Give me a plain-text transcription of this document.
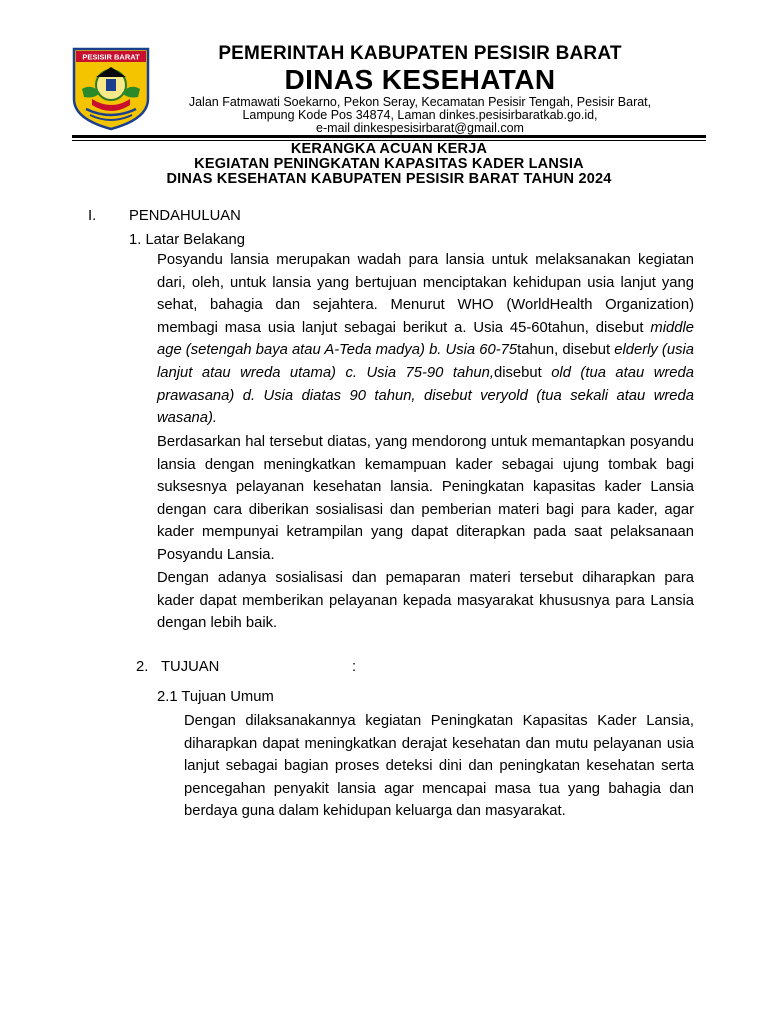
PESISIR BARAT	PEMERINTAH KABUPATEN PESISIR BARAT
DINAS KESEHATAN
Jalan Fatmawati Soekarno, Pekon Seray, Kecamatan Pesisir Tengah, Pesisir Barat,
Lampung Kode Pos 34874, Laman dinkes.pesisirbaratkab.go.id,
e-mail dinkespesisirbarat@gmail.com
KERANGKA ACUAN KERJA
KEGIATAN PENINGKATAN KAPASITAS KADER LANSIA
DINAS KESEHATAN KABUPATEN PESISIR BARAT TAHUN 2024
I. PENDAHULUAN
1. Latar Belakang
Posyandu lansia merupakan wadah para lansia untuk melaksanakan kegiatan dari, oleh, untuk lansia yang bertujuan menciptakan kehidupan usia lanjut yang sehat, bahagia dan sejahtera. Menurut WHO (WorldHealth Organization) membagi masa usia lanjut sebagai berikut a. Usia 45-60tahun, disebut middle age (setengah baya atau A-Teda madya) b. Usia 60-75tahun, disebut elderly (usia lanjut atau wreda utama) c. Usia 75-90 tahun,disebut old (tua atau wreda prawasana) d. Usia diatas 90 tahun, disebut veryold (tua sekali atau wreda wasana).
Berdasarkan hal tersebut diatas, yang mendorong untuk memantapkan posyandu lansia dengan meningkatkan kemampuan kader sebagai ujung tombak bagi suksesnya pelayanan kesehatan lansia. Peningkatan kapasitas kader Lansia dengan cara diberikan sosialisasi dan pemberian materi bagi para kader, agar kader mempunyai ketrampilan yang dapat diterapkan pada saat pelaksanaan Posyandu Lansia.
Dengan adanya sosialisasi dan pemaparan materi tersebut diharapkan para kader dapat memberikan pelayanan kepada masyarakat khususnya para Lansia dengan lebih baik.
2. TUJUAN	:
2.1 Tujuan Umum
Dengan dilaksanakannya kegiatan Peningkatan Kapasitas Kader Lansia, diharapkan dapat meningkatkan derajat kesehatan dan mutu pelayanan usia lanjut sebagai bagian proses deteksi dini dan peningkatan kesehatan serta pencegahan penyakit lansia agar mencapai masa tua yang bahagia dan berdaya guna dalam kehidupan keluarga dan masyarakat.
